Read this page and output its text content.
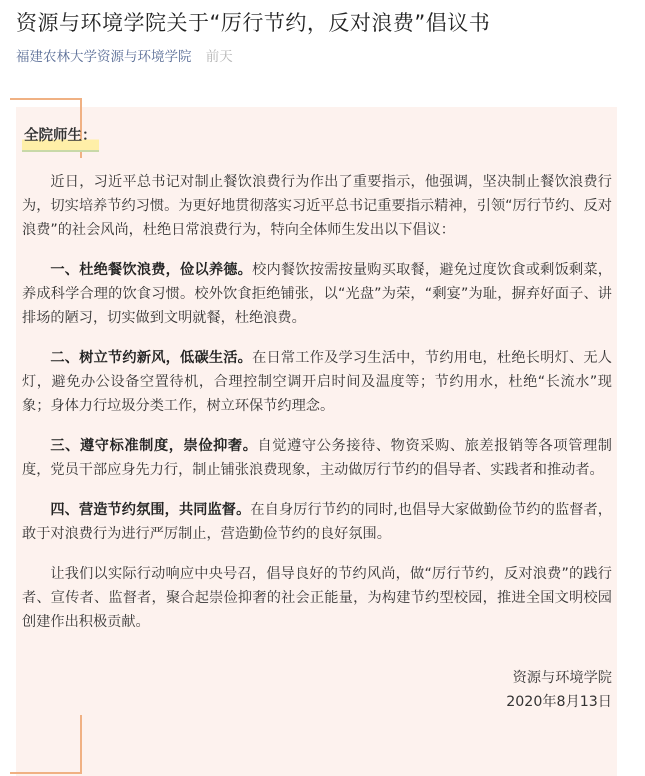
资源与环境学院关于“厉行节约，反对浪费”倡议书
福建农林大学资源与环境学院 前天
全院师生：

近日，习近平总书记对制止餐饮浪费行为作出了重要指示，他强调，坚决制止餐饮浪费行为，切实培养节约习惯。为更好地贯彻落实习近平总书记重要指示精神，引领“厉行节约、反对浪费”的社会风尚，杜绝日常浪费行为，特向全体师生发出以下倡议：

一、杜绝餐饮浪费，俭以养德。校内餐饮按需按量购买取餐，避免过度饮食或剩饭剩菜，养成科学合理的饮食习惯。校外饮食拒绝铺张，以“光盘”为荣，“剩宴”为耻，摒弃好面子、讲排场的陋习，切实做到文明就餐，杜绝浪费。

二、树立节约新风，低碳生活。在日常工作及学习生活中，节约用电，杜绝长明灯、无人灯，避免办公设备空置待机，合理控制空调开启时间及温度等；节约用水，杜绝“长流水”现象；身体力行垃圾分类工作，树立环保节约理念。

三、遵守标准制度，崇俭抑奢。自觉遵守公务接待、物资采购、旅差报销等各项管理制度，党员干部应身先力行，制止铺张浪费现象，主动做厉行节约的倡导者、实践者和推动者。

四、营造节约氛围，共同监督。在自身厉行节约的同时,也倡导大家做勤俭节约的监督者，敢于对浪费行为进行严厉制止，营造勤俭节约的良好氛围。

让我们以实际行动响应中央号召，倡导良好的节约风尚，做“厉行节约，反对浪费”的践行者、宣传者、监督者，聚合起崇俭抑奢的社会正能量，为构建节约型校园，推进全国文明校园创建作出积极贡献。

资源与环境学院
2020年8月13日
